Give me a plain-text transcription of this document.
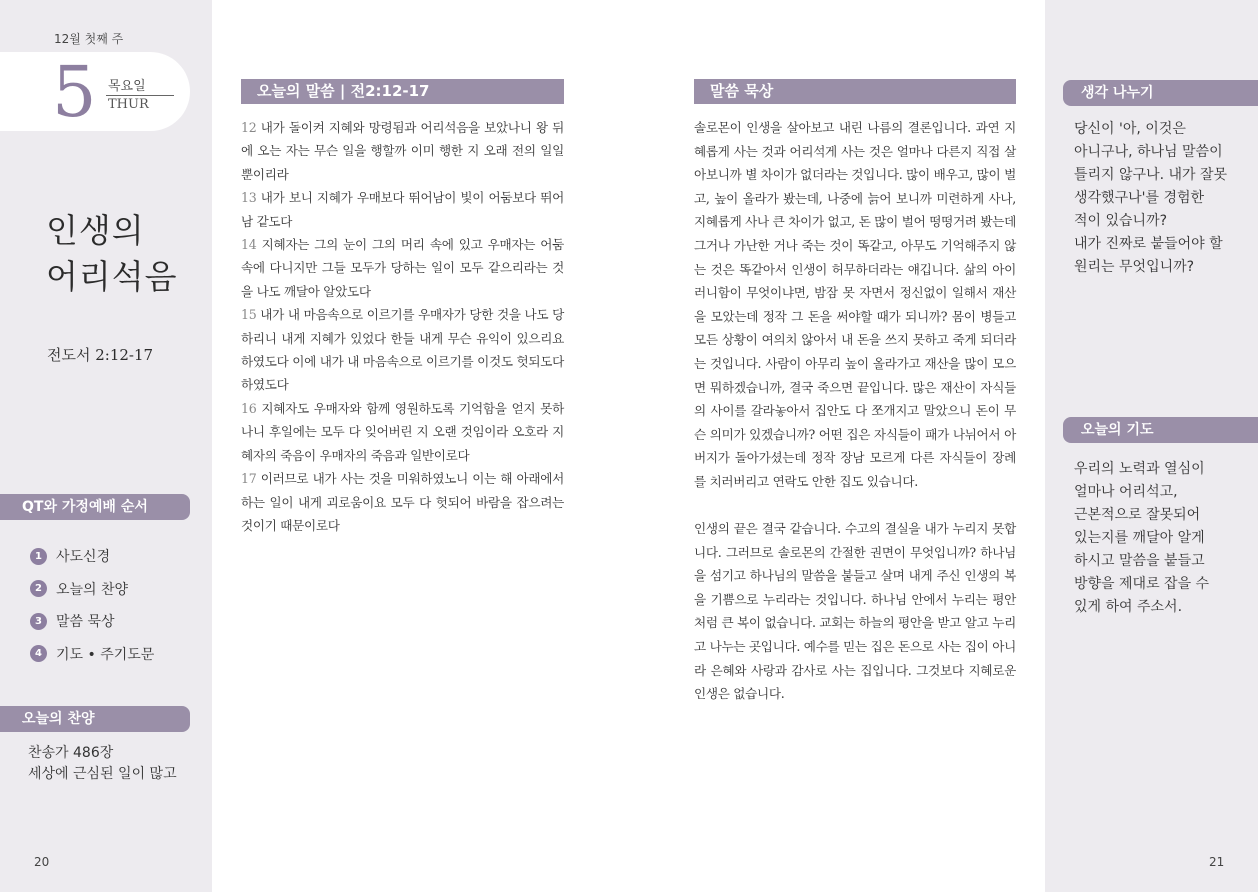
12월 첫째 주
5 목요일
THUR
인생의
어리석음
전도서 2:12-17
QT와 가정예배 순서
1	사도신경
2	오늘의 찬양
3	말씀 묵상
4	기도 • 주기도문
오늘의 찬양
찬송가 486장
세상에 근심된 일이 많고
20
오늘의 말씀 | 전2:12-17
12 내가 돌이켜 지혜와 망령됨과 어리석음을 보았나니 왕 뒤에 오는 자는 무슨 일을 행할까 이미 행한 지 오래 전의 일일 뿐이리라
13 내가 보니 지혜가 우매보다 뛰어남이 빛이 어둠보다 뛰어남 같도다
14 지혜자는 그의 눈이 그의 머리 속에 있고 우매자는 어둠 속에 다니지만 그들 모두가 당하는 일이 모두 같으리라는 것을 나도 깨달아 알았도다
15 내가 내 마음속으로 이르기를 우매자가 당한 것을 나도 당하리니 내게 지혜가 있었다 한들 내게 무슨 유익이 있으리요 하였도다 이에 내가 내 마음속으로 이르기를 이것도 헛되도다 하였도다
16 지혜자도 우매자와 함께 영원하도록 기억함을 얻지 못하나니 후일에는 모두 다 잊어버린 지 오랜 것임이라 오호라 지혜자의 죽음이 우매자의 죽음과 일반이로다
17 이러므로 내가 사는 것을 미워하였노니 이는 해 아래에서 하는 일이 내게 괴로움이요 모두 다 헛되어 바람을 잡으려는 것이기 때문이로다
말씀 묵상

솔로몬이 인생을 살아보고 내린 나름의 결론입니다. 과연 지혜롭게 사는 것과 어리석게 사는 것은 얼마나 다른지 직접 살아보니까 별 차이가 없더라는 것입니다. 많이 배우고, 많이 벌고, 높이 올라가 봤는데, 나중에 늙어 보니까 미련하게 사나, 지혜롭게 사나 큰 차이가 없고, 돈 많이 벌어 떵떵거려 봤는데 그거나 가난한 거나 죽는 것이 똑같고, 아무도 기억해주지 않는 것은 똑같아서 인생이 허무하더라는 얘깁니다. 삶의 아이러니함이 무엇이냐면, 밤잠 못 자면서 정신없이 일해서 재산을 모았는데 정작 그 돈을 써야할 때가 되니까? 몸이 병들고 모든 상황이 여의치 않아서 내 돈을 쓰지 못하고 죽게 되더라는 것입니다. 사람이 아무리 높이 올라가고 재산을 많이 모으면 뭐하겠습니까, 결국 죽으면 끝입니다. 많은 재산이 자식들의 사이를 갈라놓아서 집안도 다 쪼개지고 말았으니 돈이 무슨 의미가 있겠습니까? 어떤 집은 자식들이 패가 나뉘어서 아버지가 돌아가셨는데 정작 장남 모르게 다른 자식들이 장례를 치러버리고 연락도 안한 집도 있습니다.

인생의 끝은 결국 같습니다. 수고의 결실을 내가 누리지 못합니다. 그러므로 솔로몬의 간절한 권면이 무엇입니까? 하나님을 섬기고 하나님의 말씀을 붙들고 살며 내게 주신 인생의 복을 기쁨으로 누리라는 것입니다. 하나님 안에서 누리는 평안처럼 큰 복이 없습니다. 교회는 하늘의 평안을 받고 알고 누리고 나누는 곳입니다. 예수를 믿는 집은 돈으로 사는 집이 아니라 은혜와 사랑과 감사로 사는 집입니다. 그것보다 지혜로운 인생은 없습니다.

생각 나누기
당신이 '아, 이것은
아니구나, 하나님 말씀이
틀리지 않구나. 내가 잘못
생각했구나'를 경험한
적이 있습니까?
내가 진짜로 붙들어야 할
원리는 무엇입니까?
오늘의 기도
우리의 노력과 열심이
얼마나 어리석고,
근본적으로 잘못되어
있는지를 깨달아 알게
하시고 말씀을 붙들고
방향을 제대로 잡을 수
있게 하여 주소서.
21
